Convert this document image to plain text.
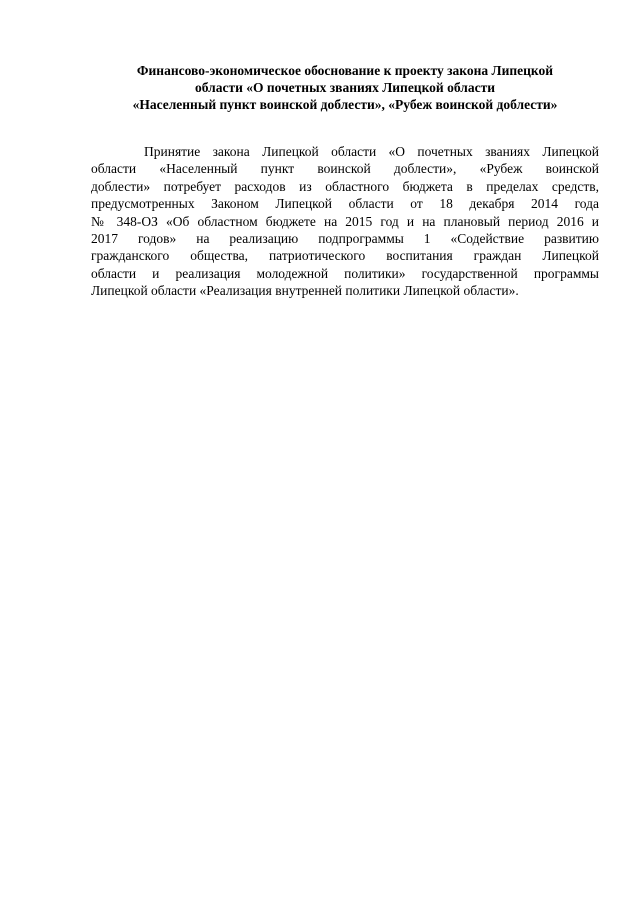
Финансово-экономическое обоснование к проекту закона Липецкой
области «О почетных званиях Липецкой области
«Населенный пункт воинской доблести», «Рубеж воинской доблести»
Принятие закона Липецкой области «О почетных званиях Липецкой
области «Населенный пункт воинской доблести», «Рубеж воинской
доблести» потребует расходов из областного бюджета в пределах средств,
предусмотренных Законом Липецкой области от 18 декабря 2014 года
№ 348-ОЗ «Об областном бюджете на 2015 год и на плановый период 2016 и
2017 годов» на реализацию подпрограммы 1 «Содействие развитию
гражданского общества, патриотического воспитания граждан Липецкой
области и реализация молодежной политики» государственной программы
Липецкой области «Реализация внутренней политики Липецкой области».
